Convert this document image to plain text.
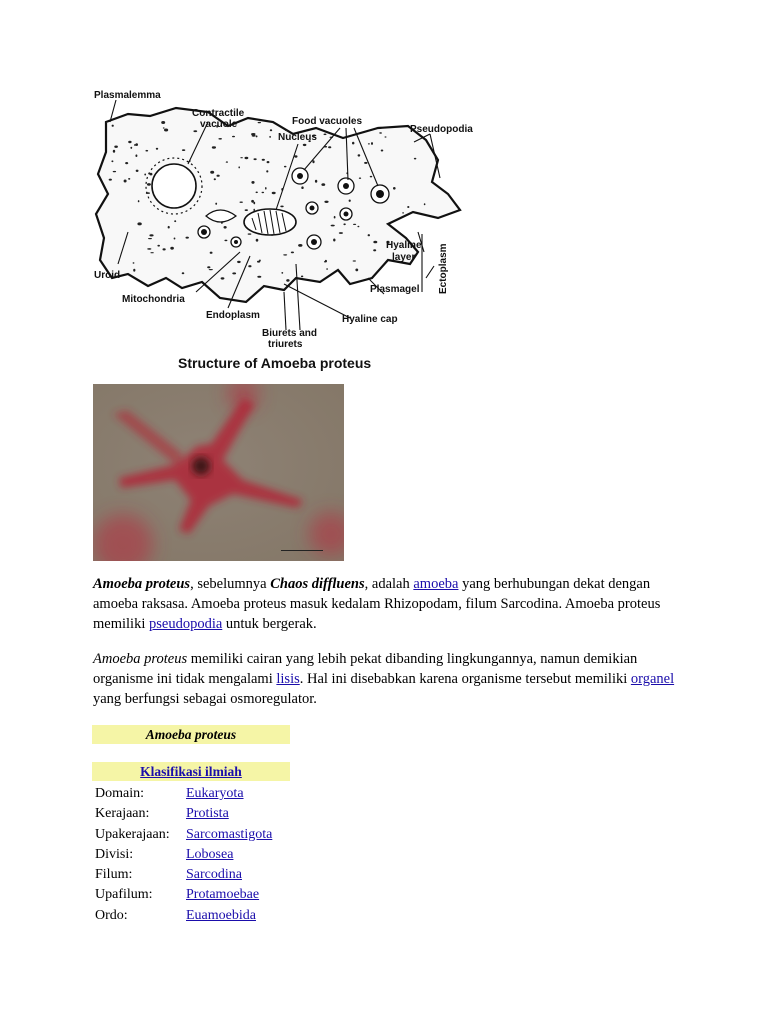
Plasmalemma
Contractile
vacuole
Nucleus
Food vacuoles
Pseudopodia
Hyaline
layer Ectoplasm
Plasmagel
Hyaline cap
Uroid
Mitochondria
Endoplasm
Biurets and
triurets
Structure of Amoeba proteus

Amoeba proteus, sebelumnya Chaos diffluens, adalah amoeba yang berhubungan dekat dengan amoeba raksasa. Amoeba proteus masuk kedalam Rhizopodam, filum Sarcodina. Amoeba proteus memiliki pseudopodia untuk bergerak.

Amoeba proteus memiliki cairan yang lebih pekat dibanding lingkungannya, namun demikian organisme ini tidak mengalami lisis. Hal ini disebabkan karena organisme tersebut memiliki organel yang berfungsi sebagai osmoregulator.

Amoeba proteus
Klasifikasi ilmiah
Domain:	Eukaryota
Kerajaan:	Protista
Upakerajaan: Sarcomastigota
Divisi:	Lobosea
Filum:	Sarcodina
Upafilum: Protamoebae
Ordo:	Euamoebida
